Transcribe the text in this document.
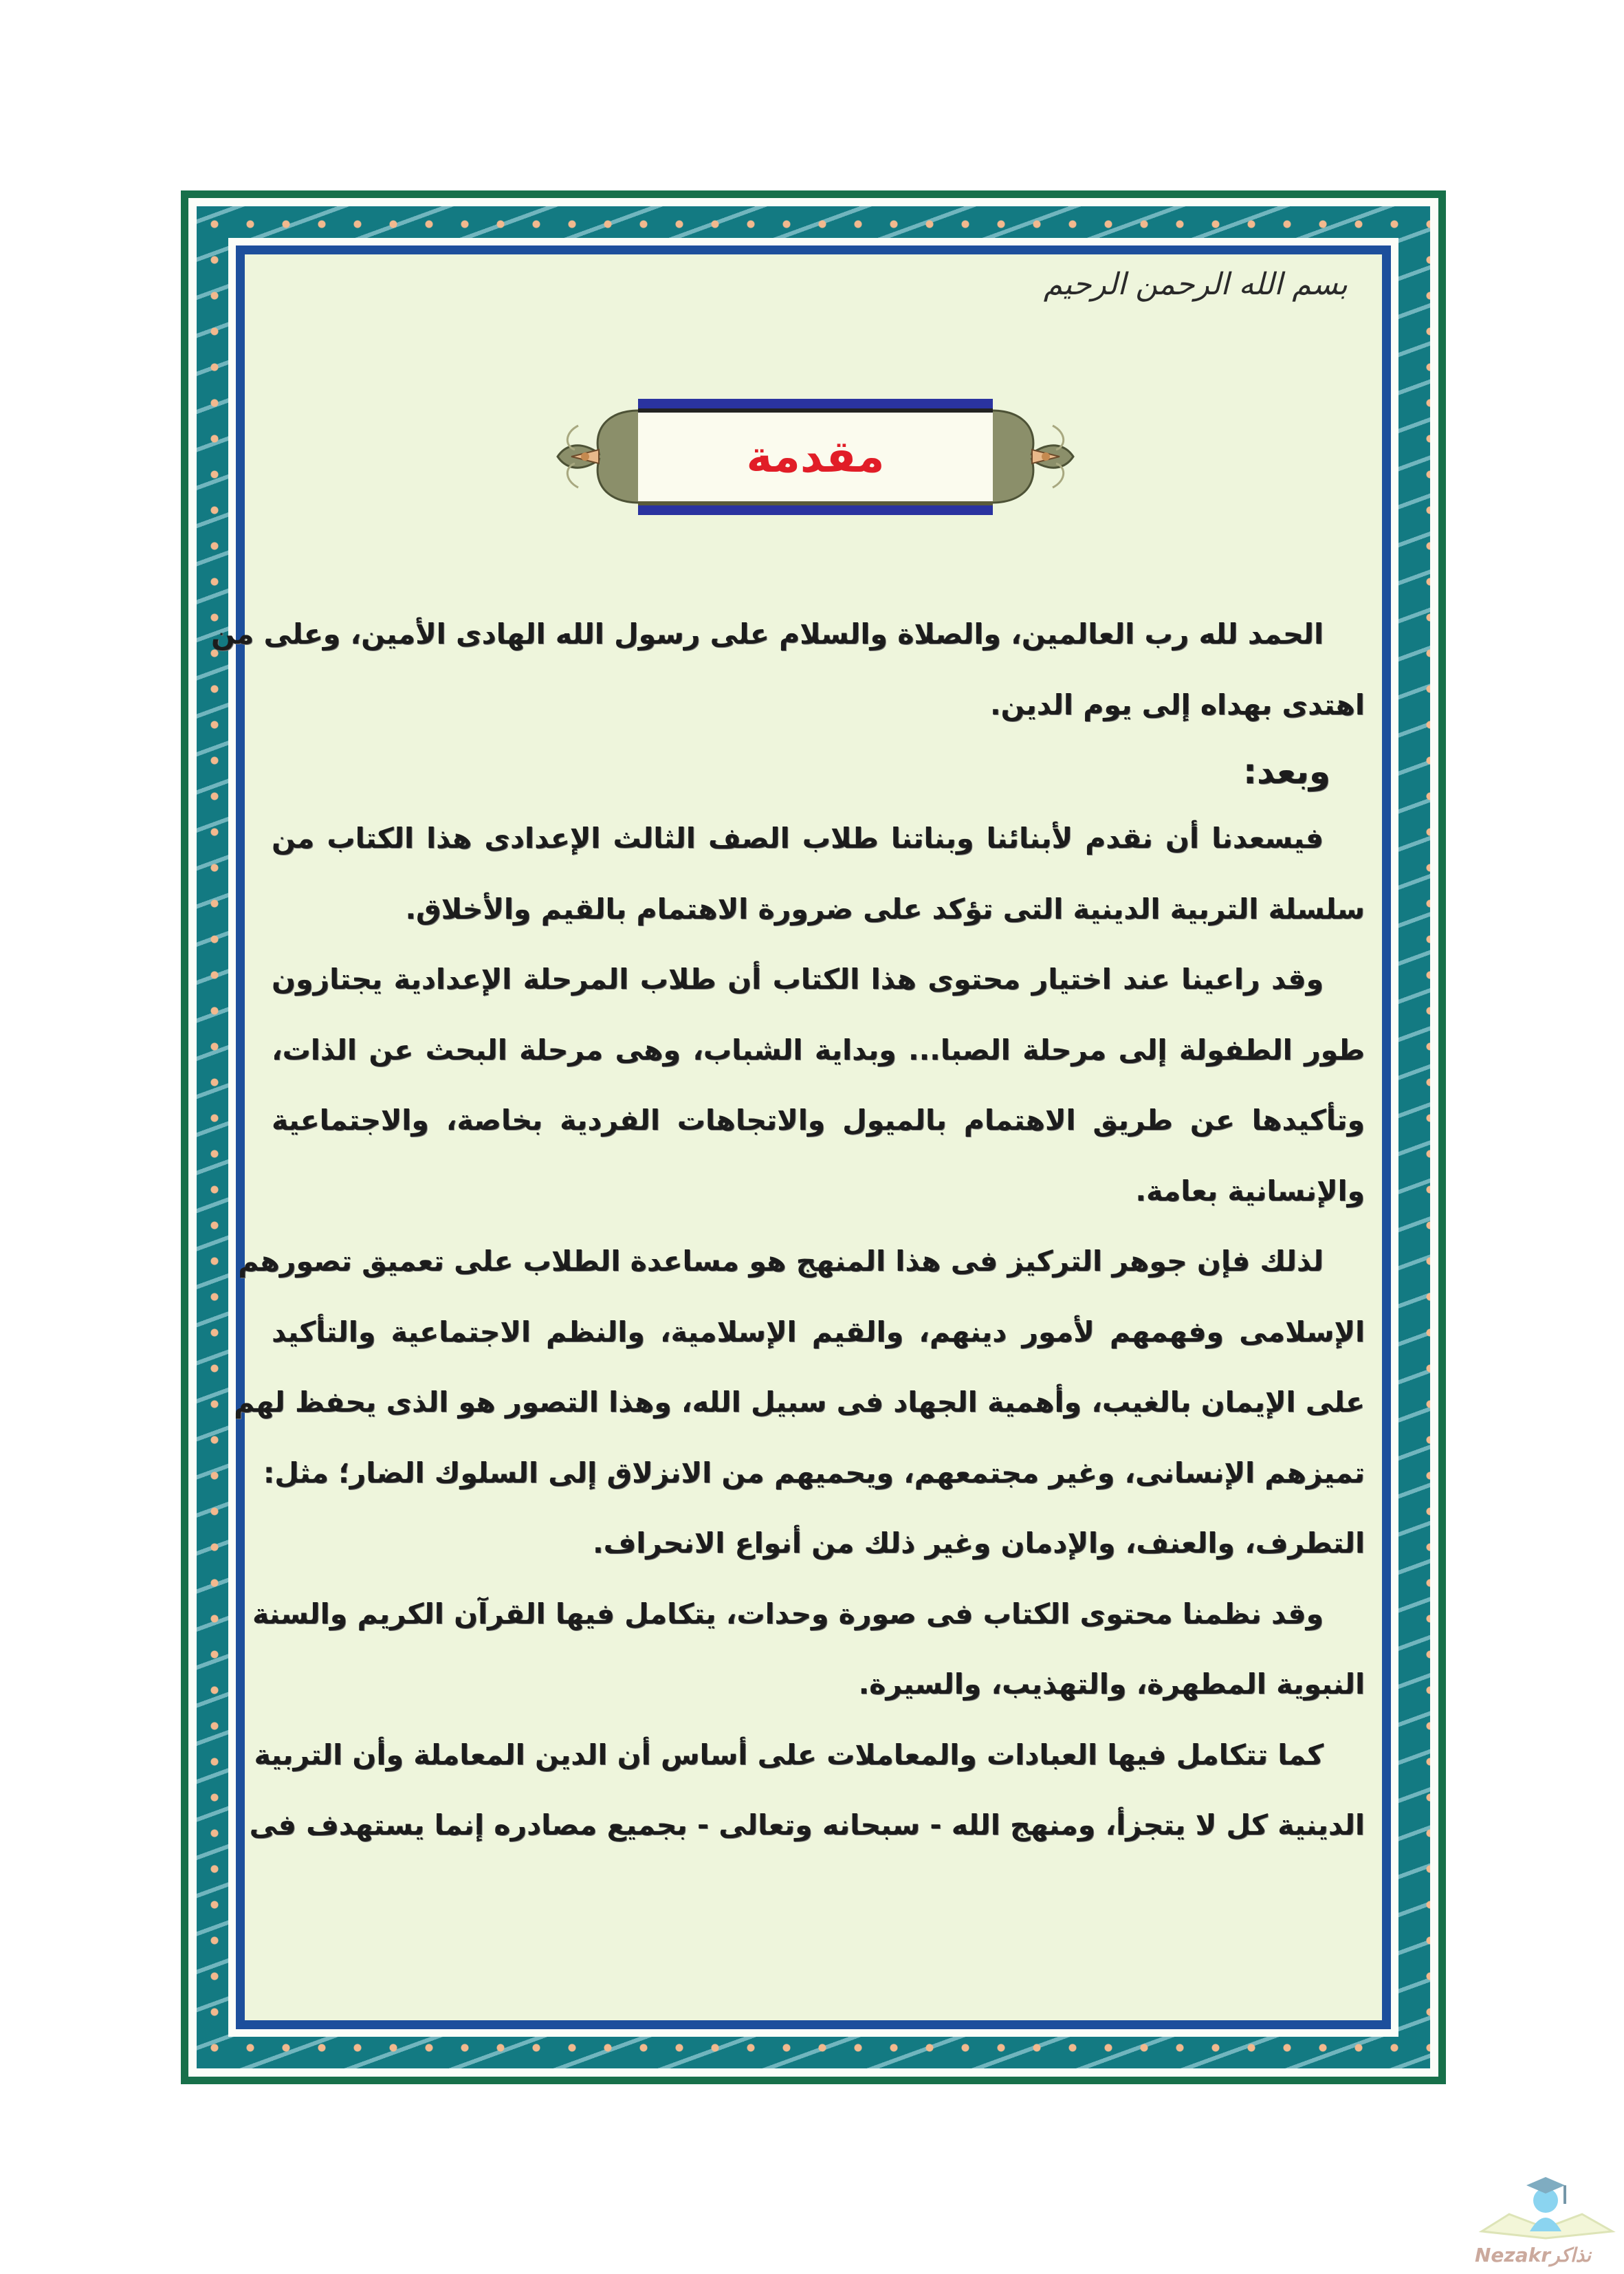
بسم الله الرحمن الرحيم
مقدمة
الحمد لله رب العالمين، والصلاة والسلام على رسول الله الهادى الأمين، وعلى من
اهتدى بهداه إلى يوم الدين.
وبعد:
فيسعدنا أن نقدم لأبنائنا وبناتنا طلاب الصف الثالث الإعدادى هذا الكتاب من
سلسلة التربية الدينية التى تؤكد على ضرورة الاهتمام بالقيم والأخلاق.
وقد راعينا عند اختيار محتوى هذا الكتاب أن طلاب المرحلة الإعدادية يجتازون
طور الطفولة إلى مرحلة الصبا... وبداية الشباب، وهى مرحلة البحث عن الذات،
وتأكيدها عن طريق الاهتمام بالميول والاتجاهات الفردية بخاصة، والاجتماعية
والإنسانية بعامة.
لذلك فإن جوهر التركيز فى هذا المنهج هو مساعدة الطلاب على تعميق تصورهم
الإسلامى وفهمهم لأمور دينهم، والقيم الإسلامية، والنظم الاجتماعية والتأكيد
على الإيمان بالغيب، وأهمية الجهاد فى سبيل الله، وهذا التصور هو الذى يحفظ لهم
تميزهم الإنسانى، وغير مجتمعهم، ويحميهم من الانزلاق إلى السلوك الضار؛ مثل:
التطرف، والعنف، والإدمان وغير ذلك من أنواع الانحراف.
وقد نظمنا محتوى الكتاب فى صورة وحدات، يتكامل فيها القرآن الكريم والسنة
النبوية المطهرة، والتهذيب، والسيرة.
كما تتكامل فيها العبادات والمعاملات على أساس أن الدين المعاملة وأن التربية
الدينية كل لا يتجزأ، ومنهج الله - سبحانه وتعالى - بجميع مصادره إنما يستهدف فى
Nezakrنذاكر
